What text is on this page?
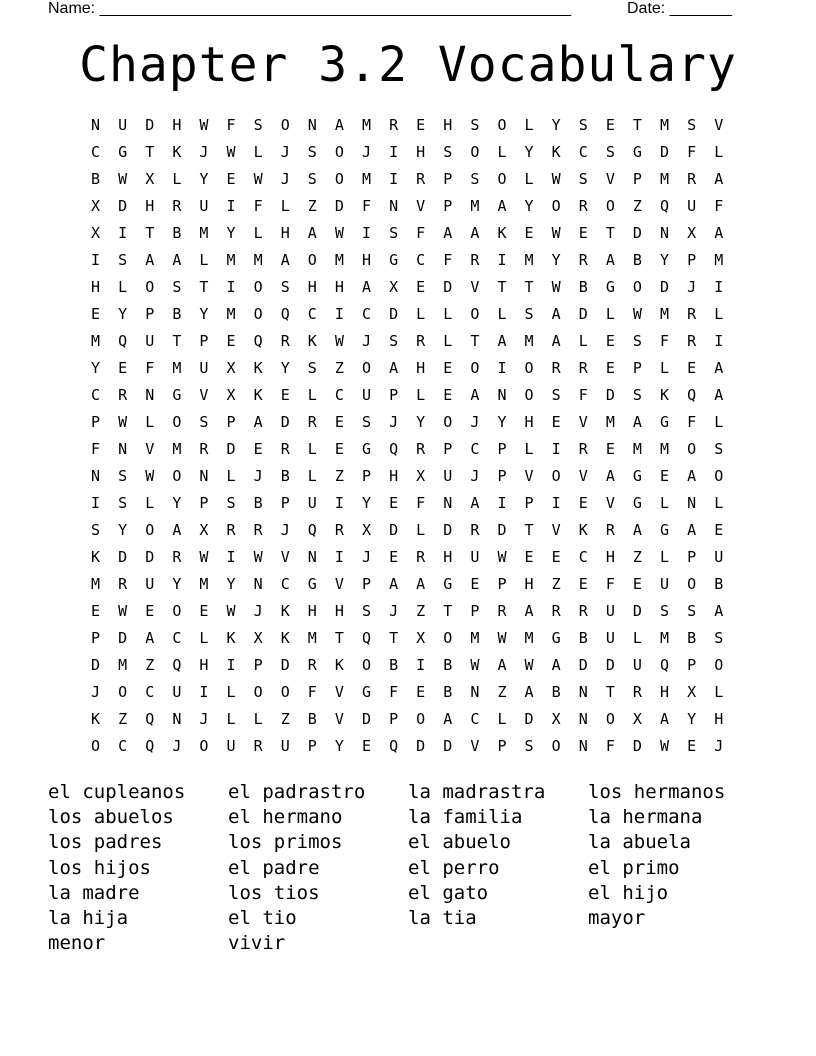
Name: _____________________________________________________	Date: _______
Chapter 3.2 Vocabulary
N	U	D	H	W	F	S	O	N	A	M	R	E	H	S	O	L	Y	S	E	T	M	S	V
C	G	T	K	J	W	L	J	S	O	J	I	H	S	O	L	Y	K	C	S	G	D	F	L
B	W	X	L	Y	E	W	J	S	O	M	I	R	P	S	O	L	W	S	V	P	M	R	A
X	D	H	R	U	I	F	L	Z	D	F	N	V	P	M	A	Y	O	R	O	Z	Q	U	F
X	I	T	B	M	Y	L	H	A	W	I	S	F	A	A	K	E	W	E	T	D	N	X	A
I	S	A	A	L	M	M	A	O	M	H	G	C	F	R	I	M	Y	R	A	B	Y	P	M
H	L	O	S	T	I	O	S	H	H	A	X	E	D	V	T	T	W	B	G	O	D	J	I
E	Y	P	B	Y	M	O	Q	C	I	C	D	L	L	O	L	S	A	D	L	W	M	R	L
M	Q	U	T	P	E	Q	R	K	W	J	S	R	L	T	A	M	A	L	E	S	F	R	I
Y	E	F	M	U	X	K	Y	S	Z	O	A	H	E	O	I	O	R	R	E	P	L	E	A
C	R	N	G	V	X	K	E	L	C	U	P	L	E	A	N	O	S	F	D	S	K	Q	A
P	W	L	O	S	P	A	D	R	E	S	J	Y	O	J	Y	H	E	V	M	A	G	F	L
F	N	V	M	R	D	E	R	L	E	G	Q	R	P	C	P	L	I	R	E	M	M	O	S
N	S	W	O	N	L	J	B	L	Z	P	H	X	U	J	P	V	O	V	A	G	E	A	O
I	S	L	Y	P	S	B	P	U	I	Y	E	F	N	A	I	P	I	E	V	G	L	N	L
S	Y	O	A	X	R	R	J	Q	R	X	D	L	D	R	D	T	V	K	R	A	G	A	E
K	D	D	R	W	I	W	V	N	I	J	E	R	H	U	W	E	E	C	H	Z	L	P	U
M	R	U	Y	M	Y	N	C	G	V	P	A	A	G	E	P	H	Z	E	F	E	U	O	B
E	W	E	O	E	W	J	K	H	H	S	J	Z	T	P	R	A	R	R	U	D	S	S	A
P	D	A	C	L	K	X	K	M	T	Q	T	X	O	M	W	M	G	B	U	L	M	B	S
D	M	Z	Q	H	I	P	D	R	K	O	B	I	B	W	A	W	A	D	D	U	Q	P	O
J	O	C	U	I	L	O	O	F	V	G	F	E	B	N	Z	A	B	N	T	R	H	X	L
K	Z	Q	N	J	L	L	Z	B	V	D	P	O	A	C	L	D	X	N	O	X	A	Y	H
O	C	Q	J	O	U	R	U	P	Y	E	Q	D	D	V	P	S	O	N	F	D	W	E	J
el cupleanos	el padrastro	la madrastra	los hermanos
los abuelos	el hermano	la familia	la hermana
los padres	los primos	el abuelo	la abuela
los hijos	el padre	el perro	el primo
la madre	los tios	el gato	el hijo
la hija	el tio	la tia	mayor
menor	vivir
